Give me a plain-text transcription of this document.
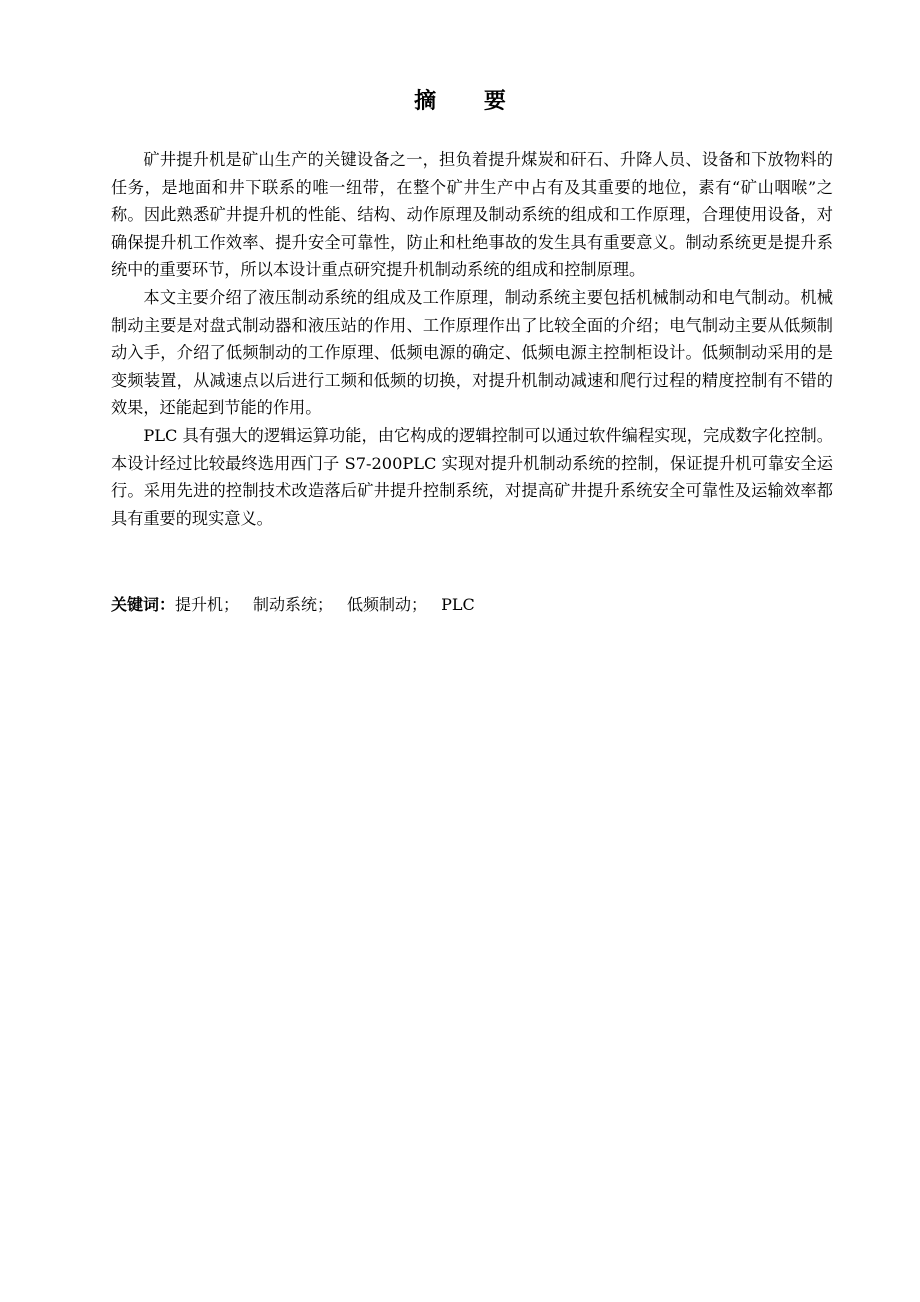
摘 要

矿井提升机是矿山生产的关键设备之一，担负着提升煤炭和矸石、升降人员、设备和下放物料的任务，是地面和井下联系的唯一纽带，在整个矿井生产中占有及其重要的地位，素有“矿山咽喉”之称。因此熟悉矿井提升机的性能、结构、动作原理及制动系统的组成和工作原理，合理使用设备，对确保提升机工作效率、提升安全可靠性，防止和杜绝事故的发生具有重要意义。制动系统更是提升系统中的重要环节，所以本设计重点研究提升机制动系统的组成和控制原理。

本文主要介绍了液压制动系统的组成及工作原理，制动系统主要包括机械制动和电气制动。机械制动主要是对盘式制动器和液压站的作用、工作原理作出了比较全面的介绍；电气制动主要从低频制动入手，介绍了低频制动的工作原理、低频电源的确定、低频电源主控制柜设计。低频制动采用的是变频装置，从减速点以后进行工频和低频的切换，对提升机制动减速和爬行过程的精度控制有不错的效果，还能起到节能的作用。

PLC 具有强大的逻辑运算功能，由它构成的逻辑控制可以通过软件编程实现，完成数字化控制。本设计经过比较最终选用西门子 S7-200PLC 实现对提升机制动系统的控制，保证提升机可靠安全运行。采用先进的控制技术改造落后矿井提升控制系统，对提高矿井提升系统安全可靠性及运输效率都具有重要的现实意义。

关键词：提升机； 制动系统； 低频制动； PLC
